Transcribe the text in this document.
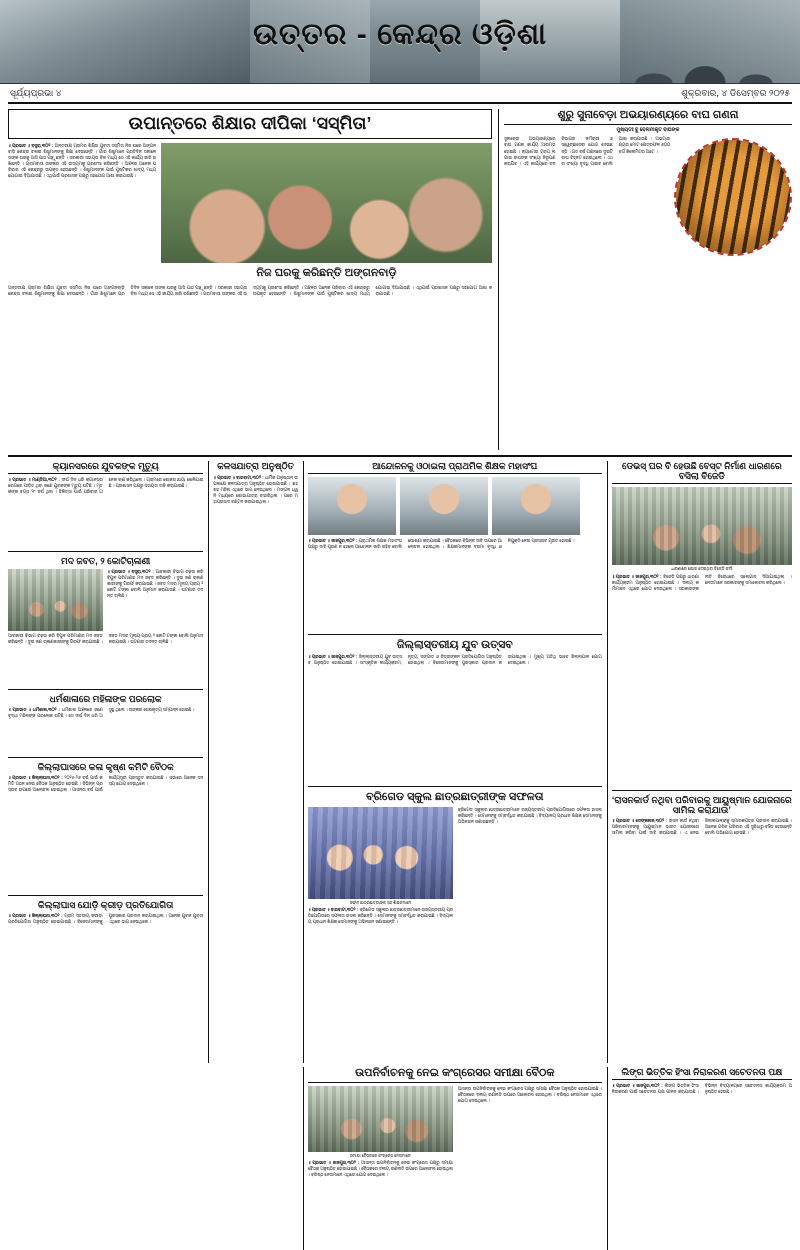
ଉତ୍ତର - କେନ୍ଦ୍ର ଓଡ଼ିଶା
ସୂର୍ଯ୍ୟପ୍ରଭା ୪	ଶୁକ୍ରବାର, ୪ ଡିସେମ୍ବର ୨୦୨୫
ଉପାନ୍ତରେ ଶିକ୍ଷାର ଦୀପିକା ‘ସସ୍ମିତା’
॥ ପ୍ରଭାତ ॥ ବସ୍ତ୍ରା,୩୦୨ : ଅନ୍ତରୀକ୍ଷ ଗ୍ରାମର ଶିକ୍ଷିତା ଯୁବତୀ ସସ୍ମିତା ନିଜ ଘରେ ଅଙ୍ଗନବାଡ଼ି କେନ୍ଦ୍ର ଚଳାଇ ଶିଶୁମାନଙ୍କୁ ଶିକ୍ଷା ଦେଉଛନ୍ତି । ଗାଁର ଶିଶୁମାନେ ପ୍ରତିଦିନ ସକାଳେ ତାଙ୍କ ଘରକୁ ଆସି ପାଠ ପଢ଼ୁଛନ୍ତି । ସରକାରୀ ସହାୟତା ବିନା ମଧ୍ୟ ସେ ଏହି କାର୍ଯ୍ୟ ଜାରି ରଖିଛନ୍ତି । ଗ୍ରାମବାସୀ ତାଙ୍କର ଏହି ଉଦ୍ୟମକୁ ପ୍ରଶଂସା କରିଛନ୍ତି । ଅଞ୍ଚଳର ଅନେକ ପରିବାର ଏହି କେନ୍ଦ୍ରରୁ ଉପକୃତ ହେଉଛନ୍ତି । ଶିଶୁମାନଙ୍କ ପାଇଁ ପୁଷ୍ଟିକର ଖାଦ୍ୟ ମଧ୍ୟ ଯୋଗାଇ ଦିଆଯାଉଛି । ଏଥିପାଇଁ ପ୍ରଶାସନ ପକ୍ଷରୁ ସହଯୋଗ ଆଶା କରାଯାଉଛି ।
ନିଜ ଘରକୁ କରିଛନ୍ତି ଅଙ୍ଗନବାଡ଼ି
ଅନ୍ତରୀକ୍ଷ ଗ୍ରାମର ଶିକ୍ଷିତା ଯୁବତୀ ସସ୍ମିତା ନିଜ ଘରେ ଅଙ୍ଗନବାଡ଼ି କେନ୍ଦ୍ର ଚଳାଇ ଶିଶୁମାନଙ୍କୁ ଶିକ୍ଷା ଦେଉଛନ୍ତି । ଗାଁର ଶିଶୁମାନେ ପ୍ରତିଦିନ ସକାଳେ ତାଙ୍କ ଘରକୁ ଆସି ପାଠ ପଢ଼ୁଛନ୍ତି । ସରକାରୀ ସହାୟତା ବିନା ମଧ୍ୟ ସେ ଏହି କାର୍ଯ୍ୟ ଜାରି ରଖିଛନ୍ତି । ଗ୍ରାମବାସୀ ତାଙ୍କର ଏହି ଉଦ୍ୟମକୁ ପ୍ରଶଂସା କରିଛନ୍ତି । ଅଞ୍ଚଳର ଅନେକ ପରିବାର ଏହି କେନ୍ଦ୍ରରୁ ଉପକୃତ ହେଉଛନ୍ତି । ଶିଶୁମାନଙ୍କ ପାଇଁ ପୁଷ୍ଟିକର ଖାଦ୍ୟ ମଧ୍ୟ ଯୋଗାଇ ଦିଆଯାଉଛି । ଏଥିପାଇଁ ପ୍ରଶାସନ ପକ୍ଷରୁ ସହଯୋଗ ଆଶା କରାଯାଉଛି ।
ଶୁରୁ ସୁନାବେଡ଼ା ଅଭୟାରଣ୍ୟରେ ବାଘ ଗଣନା
ମୁଖ୍ୟତଃ ବୁ ବେନାମୀକୃତ ବାଘଙ୍କ
ସୁନାବେଡ଼ା ଅଭୟାରଣ୍ୟରେ ବାଘ ଗଣନା କାର୍ଯ୍ୟ ଆରମ୍ଭ ହୋଇଛି । କ୍ୟାମେରା ଟ୍ରାପ ଲଗାଇ ବାଘଙ୍କ ସଂଖ୍ୟା ନିରୂପଣ କରାଯିବ । ଏହି କାର୍ଯ୍ୟରେ ବନ ବିଭାଗର କର୍ମଚାରୀ ଓ ସ୍ୱେଚ୍ଛାସେବୀ ଯୋଗ ଦେଇଛନ୍ତି । ଗତ ବର୍ଷ ଗଣନାରେ ଦୁଇଟି ବାଘ ଚିହ୍ନଟ ହୋଇଥିଲେ । ଏଥର ସଂଖ୍ୟା ବୃଦ୍ଧି ପାଇବ ବୋଲି ଆଶା କରାଯାଉଛି । ଅଭୟାରଣ୍ୟର ମୋଟ କ୍ଷେତ୍ରଫଳ ୬୦୦ ବର୍ଗ କିଲୋମିଟର ଅଟେ ।
କ୍ୟାନସରରେ ଯୁବକଙ୍କ ମୃତ୍ୟୁ
॥ ପ୍ରଭାତ ॥ ମାଣ୍ଡିଆ,୩୦୨ : ଦୀର୍ଘ ଦିନ ଧରି କ୍ୟାନସର ରୋଗରେ ପୀଡ଼ିତ ଥିବା ଜଣେ ଯୁବକଙ୍କ ମୃତ୍ୟୁ ଘଟିଛି । ମୃତକଙ୍କ ବୟସ ୨୮ ବର୍ଷ ଥିଲା । ଚିକିତ୍ସା ପାଇଁ ପରିବାର ଅନେକ ଋଣ କରିଥିଲେ । ଗ୍ରାମରେ ଶୋକର ଛାୟା ଖେଳିଯାଇଛି । ପ୍ରଶାସନ ପକ୍ଷରୁ ସହାୟତା ଦାବି କରାଯାଇଛି ।
ମଦ ଜବତ, ୨ କୋଟିଚାଳାଣୀ
॥ ପ୍ରଭାତ ॥ ବସ୍ତ୍ରା,୩୦୨ : ଆବକାରୀ ବିଭାଗ ଚଢ଼ଉ କରି ବିପୁଳ ପରିମାଣର ମଦ ଜବତ କରିଛନ୍ତି । ଦୁଇ ଜଣ ଚାଳାଣକାରୀଙ୍କୁ ଗିରଫ କରାଯାଇଛି । ଜବତ ମଦର ମୂଲ୍ୟ ପ୍ରାୟ ୨ କୋଟି ଟଙ୍କା ବୋଲି ଅନୁମାନ କରାଯାଉଛି । ଘଟଣାର ତଦନ୍ତ ଚାଲିଛି ।
ଆବକାରୀ ବିଭାଗ ଚଢ଼ଉ କରି ବିପୁଳ ପରିମାଣର ମଦ ଜବତ କରିଛନ୍ତି । ଦୁଇ ଜଣ ଚାଳାଣକାରୀଙ୍କୁ ଗିରଫ କରାଯାଇଛି । ଜବତ ମଦର ମୂଲ୍ୟ ପ୍ରାୟ ୨ କୋଟି ଟଙ୍କା ବୋଲି ଅନୁମାନ କରାଯାଉଛି । ଘଟଣାର ତଦନ୍ତ ଚାଲିଛି ।
ଧର୍ମଶାଳାରେ ମହିଳାଙ୍କ ପରଲୋକ
॥ ପ୍ରଭାତ ॥ ଧର୍ମଶାଳା,୩୦୨ : ଧର୍ମଶାଳା ଅଞ୍ଚଳରେ ଜଣେ ବୃଦ୍ଧା ମହିଳାଙ୍କ ପରଲୋକ ଘଟିଛି । ସେ ଦୀର୍ଘ ଦିନ ଧରି ଅସୁସ୍ଥ ଥିଲେ । ତାଙ୍କର ଶେଷକୃତ୍ୟ ସମ୍ପନ୍ନ ହୋଇଛି ।
କିଲ୍ଲାଘାସରେ କଳା କୃଷ୍ଣ କମିଟି ବୈଠକ
॥ ପ୍ରଭାତ ॥ କିଲ୍ଲାଘାସ,୩୦୨ : ୨୦୨୫-୨୬ ବର୍ଷ ପାଇଁ କମିଟି ଗଠନ ନେଇ ବୈଠକ ଅନୁଷ୍ଠିତ ହୋଇଛି । ବିଭିନ୍ନ ପ୍ରସ୍ତାବ ଉପରେ ଆଲୋଚନା ହୋଇଥିଲା । ଆସନ୍ତା ବର୍ଷ ପାଇଁ କାର୍ଯ୍ୟସୂଚୀ ପ୍ରସ୍ତୁତ କରାଯାଇଛି । ସଭାରେ ଅନେକ ସଦସ୍ୟ ଯୋଗ ଦେଇଥିଲେ ।
କିଲ୍ଲାଘାସ ଯୋଡ଼ି କ୍ରୀଡ଼ ପ୍ରତିଯୋଗିତା
॥ ପ୍ରଭାତ ॥ କିଲ୍ଲାଘାସ,୩୦୨ : ଗ୍ରାମ ସ୍ତରୀୟ କ୍ରୀଡ଼ା ପ୍ରତିଯୋଗିତା ଅନୁଷ୍ଠିତ ହୋଇଯାଇଛି । ବିଜେତାମାନଙ୍କୁ ପୁରସ୍କାର ପ୍ରଦାନ କରାଯାଇଥିଲା । ଅନେକ ଯୁବକ ଯୁବତୀ ଏଥିରେ ଭାଗ ନେଇଥିଲେ ।
କଳସଯାତ୍ରା ଅନୁଷ୍ଠିତ
॥ ପ୍ରଭାତ ॥ ବାରବାଟୀ,୩୦୨ : ଧାର୍ମିକ ଅନୁଷ୍ଠାନ ଉପଲକ୍ଷେ କଳସଯାତ୍ରା ଅନୁଷ୍ଠିତ ହୋଇଯାଇଛି । ଶହ ଶହ ମହିଳା ଏଥିରେ ଭାଗ ନେଇଥିଲେ । ମଙ୍ଗଳ ଧ୍ୱନି ମଧ୍ୟରେ ଶୋଭାଯାତ୍ରା ବାହାରିଥିଲା । ପରେ ମହାପ୍ରସାଦ ବଣ୍ଟନ କରାଯାଇଥିଲା ।
ଆନ୍ଦୋଳନକୁ ଓଠାଇଲା ପ୍ରାଥମିକ ଶିକ୍ଷକ ମହାସଂଘ
॥ ପ୍ରଭାତ ॥ ଜାଜପୁର,୩୦୨ : ପ୍ରାଥମିକ ଶିକ୍ଷକ ମହାସଂଘ ପକ୍ଷରୁ ଦାବି ପୂରଣ ନ ହେଲେ ଆନ୍ଦୋଳନ ଜାରି ରହିବ ବୋଲି ଘୋଷଣା କରାଯାଇଛି । ବୈଠକରେ ବିଭିନ୍ନ ଦାବି ଉପରେ ଆଲୋଚନା ହୋଇଥିଲା । ଶିକ୍ଷକମାନଙ୍କ ଦରମା ବୃଦ୍ଧି ଓ ନିଯୁକ୍ତି ନେଇ ପ୍ରସ୍ତାବ ଗୃହୀତ ହୋଇଛି ।
ଜିଲ୍ଲାସ୍ତରୀୟ ଯୁବ ଉତ୍ସବ
॥ ପ୍ରଭାତ ॥ ଜାଜପୁର,୩୦୨ : ଜିଲ୍ଲାସ୍ତରୀୟ ଯୁବ ଉତ୍ସବ ଅନୁଷ୍ଠିତ ହୋଇଯାଇଛି । ସାଂସ୍କୃତିକ କାର୍ଯ୍ୟକ୍ରମ, ନୃତ୍ୟ, ସଙ୍ଗୀତ ଓ ଚିତ୍ରାଙ୍କନ ପ୍ରତିଯୋଗିତା ଅନୁଷ୍ଠିତ ହୋଇଥିଲା । ବିଜେତାମାନଙ୍କୁ ପୁରସ୍କାର ପ୍ରଦାନ କରାଯାଇଥିଲା । ମୁଖ୍ୟ ଅତିଥି ଭାବେ ଜିଲ୍ଲାପାଳ ଯୋଗ ଦେଇଥିଲେ ।
ବ୍ରିଗେଡ ସ୍କୁଲ ଛାତ୍ରଛାତ୍ରୀଙ୍କ ସଫଳତା
ସଫଳ ଛାତ୍ରଛାତ୍ରୀଙ୍କ ସହ ଶିକ୍ଷକମାନେ
॥ ପ୍ରଭାତ ॥ ବାରବାଟୀ,୩୦୨ : ବ୍ରିଗେଡ ସ୍କୁଲର ଛାତ୍ରଛାତ୍ରୀମାନେ ରାଜ୍ୟସ୍ତରୀୟ ପ୍ରତିଯୋଗିତାରେ ସଫଳତା ହାସଲ କରିଛନ୍ତି । ସେମାନଙ୍କୁ ସମ୍ବର୍ଦ୍ଧିତ କରାଯାଇଛି । ବିଦ୍ୟାଳୟ ପ୍ରଧାନ ଶିକ୍ଷକ ସେମାନଙ୍କୁ ଅଭିନନ୍ଦନ ଜଣାଇଛନ୍ତି ।
ବ୍ରିଗେଡ ସ୍କୁଲର ଛାତ୍ରଛାତ୍ରୀମାନେ ରାଜ୍ୟସ୍ତରୀୟ ପ୍ରତିଯୋଗିତାରେ ସଫଳତା ହାସଲ କରିଛନ୍ତି । ସେମାନଙ୍କୁ ସମ୍ବର୍ଦ୍ଧିତ କରାଯାଇଛି । ବିଦ୍ୟାଳୟ ପ୍ରଧାନ ଶିକ୍ଷକ ସେମାନଙ୍କୁ ଅଭିନନ୍ଦନ ଜଣାଇଛନ୍ତି ।
ଡେଭସ୍ ଘର ବି ହେଉଛି ବେସ୍ଟ ନିର୍ମାଣ ଧାରଣରେ ବସିଲା ବିଜେଡି
ଧାରଣାରେ ଯୋଗ ଦେଇଥିବା ବିଜେଡି କର୍ମୀ
॥ ପ୍ରଭାତ ॥ ଜାଜପୁର,୩୦୨ : ବିଜେଡି ପକ୍ଷରୁ ଧାରଣା କାର୍ଯ୍ୟକ୍ରମ ଅନୁଷ୍ଠିତ ହୋଇଯାଇଛି । ଦଳୀୟ କର୍ମୀମାନେ ଏଥିରେ ଯୋଗ ଦେଇଥିଲେ । ସରକାରଙ୍କ ନୀତି ବିରୋଧରେ ସ୍ଲୋଗାନ ଦିଆଯାଇଥିଲା । ନେତାମାନେ ସରକାରଙ୍କୁ ସମାଲୋଚନା କରିଥିଲେ ।
‘ରାସନକାର୍ଡ ନଥିବା ପରିବାରକୁ ଆୟୁଷ୍ମାନ ଯୋଜନାରେ ସାମିଲ କରାଯାଉ’
॥ ପ୍ରଭାତ ॥ ଡେଙ୍କନାଳ,୩୦୨ : ରାସନ କାର୍ଡ ନଥିବା ପରିବାରମାନଙ୍କୁ ଆୟୁଷ୍ମାନ ଭାରତ ଯୋଜନାରେ ସାମିଲ କରିବା ପାଇଁ ଦାବି କରାଯାଇଛି । ଏ ନେଇ ଜିଲ୍ଲାପାଳଙ୍କୁ ସ୍ମାରକପତ୍ର ପ୍ରଦାନ କରାଯାଇଛି । ଅନେକ ଗରିବ ପରିବାର ଏହି ସୁବିଧାରୁ ବଞ୍ଚିତ ହେଉଛନ୍ତି ବୋଲି ଅଭିଯୋଗ ହୋଇଛି ।
ଉପନିର୍ବାଚନକୁ ନେଇ କଂଗ୍ରେସର ସମୀକ୍ଷା ବୈଠକ
ସମୀକ୍ଷା ବୈଠକରେ କଂଗ୍ରେସ ନେତାମାନେ
॥ ପ୍ରଭାତ ॥ ଜାଜପୁର,୩୦୨ : ଆସନ୍ତା ଉପନିର୍ବାଚନକୁ ନେଇ କଂଗ୍ରେସ ପକ୍ଷରୁ ସମୀକ୍ଷା ବୈଠକ ଅନୁଷ୍ଠିତ ହୋଇଯାଇଛି । ବୈଠକରେ ଦଳୀୟ ରଣନୀତି ଉପରେ ଆଲୋଚନା ହୋଇଥିଲା । ବରିଷ୍ଠ ନେତାମାନେ ଏଥିରେ ଯୋଗ ଦେଇଥିଲେ ।
ଆସନ୍ତା ଉପନିର୍ବାଚନକୁ ନେଇ କଂଗ୍ରେସ ପକ୍ଷରୁ ସମୀକ୍ଷା ବୈଠକ ଅନୁଷ୍ଠିତ ହୋଇଯାଇଛି । ବୈଠକରେ ଦଳୀୟ ରଣନୀତି ଉପରେ ଆଲୋଚନା ହୋଇଥିଲା । ବରିଷ୍ଠ ନେତାମାନେ ଏଥିରେ ଯୋଗ ଦେଇଥିଲେ ।
ଲିଙ୍ଗ ଭିତ୍ତିକ ହିଂସା ନିରାକରଣ ସଚେତନତା ପକ୍ଷ
॥ ପ୍ରଭାତ ॥ ଜାଜପୁର,୩୦୨ : ଲିଙ୍ଗ ଭିତ୍ତିକ ହିଂସା ନିରାକରଣ ପାଇଁ ସଚେତନତା ପକ୍ଷ ପାଳନ କରାଯାଉଛି । ବିଭିନ୍ନ ବିଦ୍ୟାଳୟରେ ସଚେତନତା କାର୍ଯ୍ୟକ୍ରମ ଅନୁଷ୍ଠିତ ହେଉଛି ।
